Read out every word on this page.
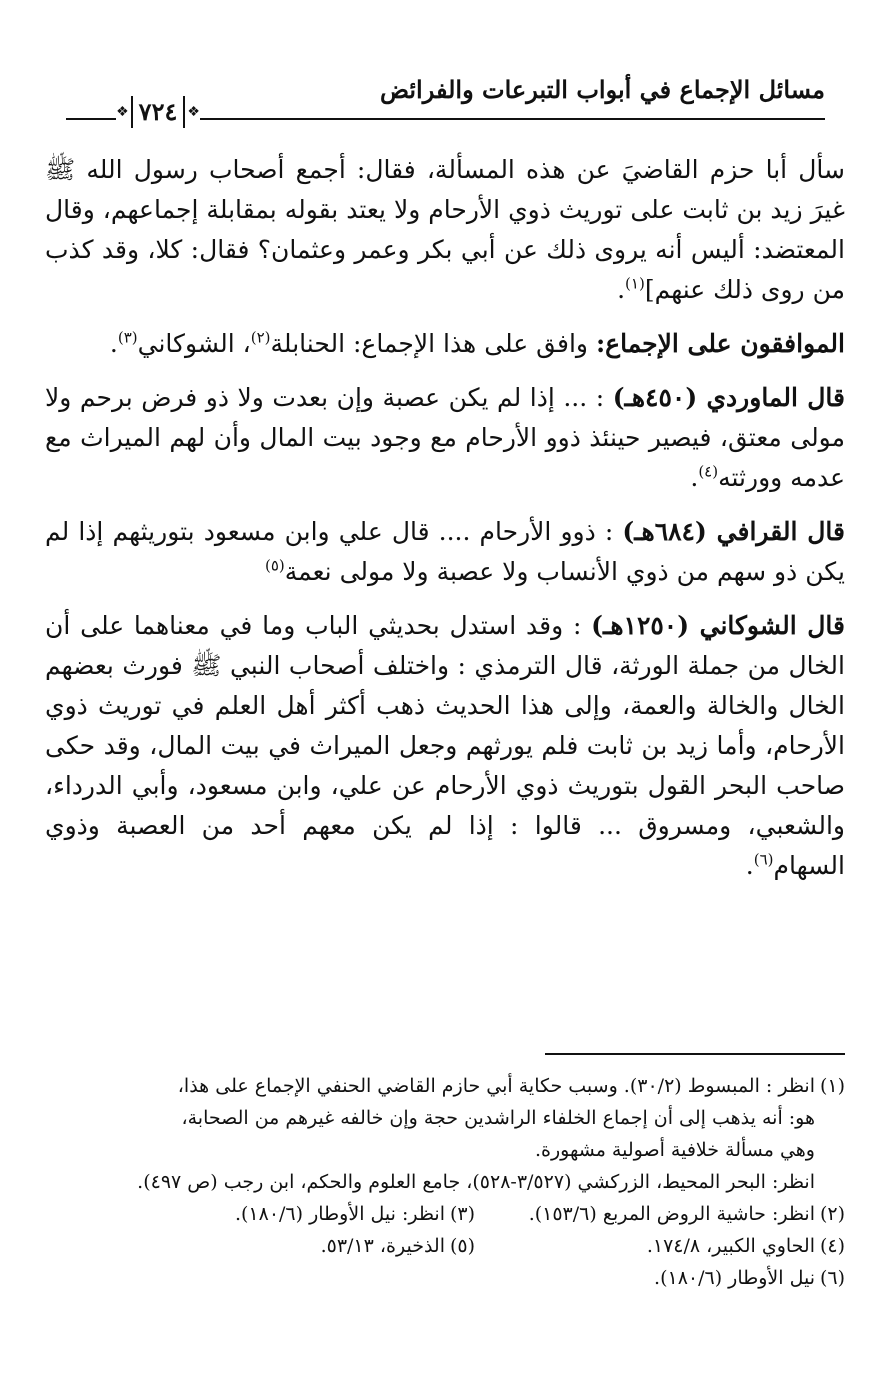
مسائل الإجماع في أبواب التبرعات والفرائض
❖ ٧٢٤ ❖

سأل أبا حزم القاضيَ عن هذه المسألة، فقال: أجمع أصحاب رسول الله ﷺ غيرَ زيد بن ثابت على توريث ذوي الأرحام ولا يعتد بقوله بمقابلة إجماعهم، وقال المعتضد: أليس أنه يروى ذلك عن أبي بكر وعمر وعثمان؟ فقال: كلا، وقد كذب من روى ذلك عنهم]$^{(١)}$.

الموافقون على الإجماع: وافق على هذا الإجماع: الحنابلة$^{(٢)}$، الشوكاني$^{(٣)}$.

قال الماوردي (٤٥٠هـ) : ... إذا لم يكن عصبة وإن بعدت ولا ذو فرض برحم ولا مولى معتق، فيصير حينئذ ذوو الأرحام مع وجود بيت المال وأن لهم الميراث مع عدمه وورثته$^{(٤)}$.

قال القرافي (٦٨٤هـ) : ذوو الأرحام .... قال علي وابن مسعود بتوريثهم إذا لم يكن ذو سهم من ذوي الأنساب ولا عصبة ولا مولى نعمة$^{(٥)}$

قال الشوكاني (١٢٥٠هـ) : وقد استدل بحديثي الباب وما في معناهما على أن الخال من جملة الورثة، قال الترمذي : واختلف أصحاب النبي ﷺ فورث بعضهم الخال والخالة والعمة، وإلى هذا الحديث ذهب أكثر أهل العلم في توريث ذوي الأرحام، وأما زيد بن ثابت فلم يورثهم وجعل الميراث في بيت المال، وقد حكى صاحب البحر القول بتوريث ذوي الأرحام عن علي، وابن مسعود، وأبي الدرداء، والشعبي، ومسروق ... قالوا : إذا لم يكن معهم أحد من العصبة وذوي السهام$^{(٦)}$.

(١)انظر : المبسوط (٣٠/٢). وسبب حكاية أبي حازم القاضي الحنفي الإجماع على هذا،

هو: أنه يذهب إلى أن إجماع الخلفاء الراشدين حجة وإن خالفه غيرهم من الصحابة،

وهي مسألة خلافية أصولية مشهورة.

انظر: البحر المحيط، الزركشي (٣/٥٢٧-٥٢٨)، جامع العلوم والحكم، ابن رجب (ص ٤٩٧).

(٢)انظر: حاشية الروض المربع (١٥٣/٦).
(٣)انظر: نيل الأوطار (١٨٠/٦).
(٤)الحاوي الكبير، ١٧٤/٨.
(٥)الذخيرة، ٥٣/١٣.

(٦)نيل الأوطار (١٨٠/٦).
